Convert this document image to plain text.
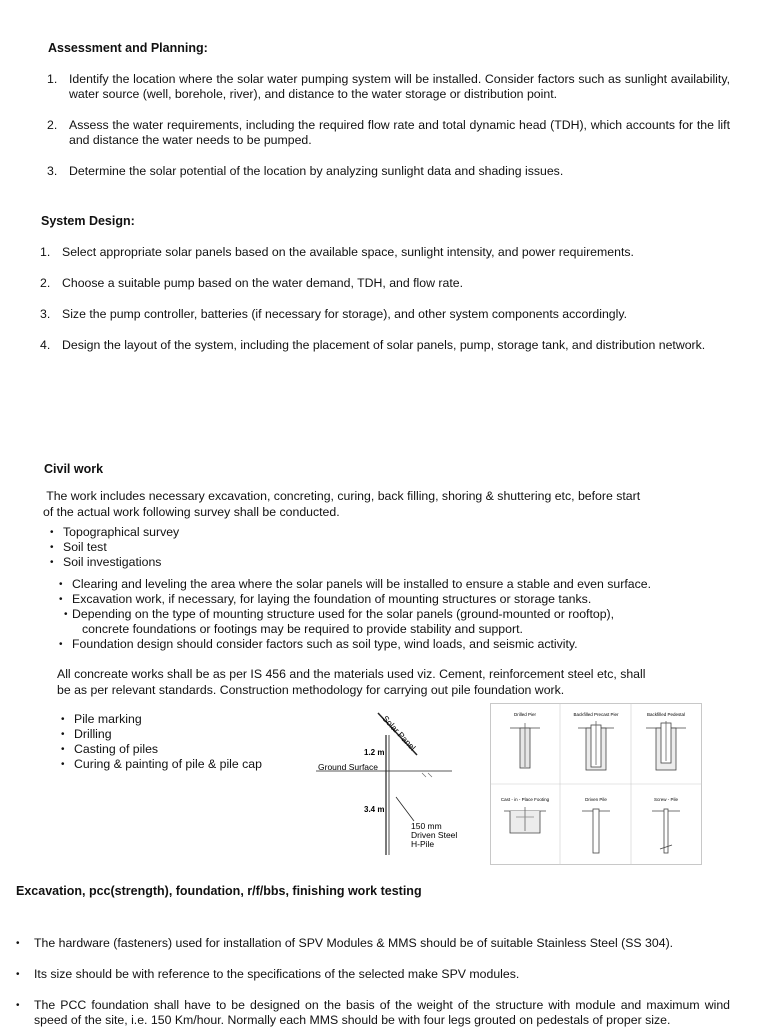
Assessment and Planning:
1. Identify the location where the solar water pumping system will be installed. Consider factors such as sunlight availability, water source (well, borehole, river), and distance to the water storage or distribution point.
2. Assess the water requirements, including the required flow rate and total dynamic head (TDH), which accounts for the lift and distance the water needs to be pumped.
3. Determine the solar potential of the location by analyzing sunlight data and shading issues.
System Design:
1. Select appropriate solar panels based on the available space, sunlight intensity, and power requirements.
2. Choose a suitable pump based on the water demand, TDH, and flow rate.
3. Size the pump controller, batteries (if necessary for storage), and other system components accordingly.
4. Design the layout of the system, including the placement of solar panels, pump, storage tank, and distribution network.
Civil work
The work includes necessary excavation, concreting, curing, back filling, shoring & shuttering etc, before start
of the actual work following survey shall be conducted.
• Topographical survey
• Soil test
• Soil investigations
• Clearing and leveling the area where the solar panels will be installed to ensure a stable and even surface.
• Excavation work, if necessary, for laying the foundation of mounting structures or storage tanks.
• Depending on the type of mounting structure used for the solar panels (ground-mounted or rooftop), concrete foundations or footings may be required to provide stability and support.
• Foundation design should consider factors such as soil type, wind loads, and seismic activity.
All concreate works shall be as per IS 456 and the materials used viz. Cement, reinforcement steel etc, shall
be as per relevant standards. Construction methodology for carrying out pile foundation work.
• Pile marking
• Drilling
• Casting of piles
• Curing & painting of pile & pile cap
Solar Panel
Ground Surface
1.2 m
3.4 m
150 mm
Driven Steel
H-Pile
Drilled Pier	Backfilled Precast Pier	Backfilled Pedestal
Cast - in - Place Footing	Driven Pile	Screw - Pile
Excavation, pcc(strength), foundation, r/f/bbs, finishing work testing
• The hardware (fasteners) used for installation of SPV Modules & MMS should be of suitable Stainless Steel (SS 304).
• Its size should be with reference to the specifications of the selected make SPV modules.
• The PCC foundation shall have to be designed on the basis of the weight of the structure with module and maximum wind speed of the site, i.e. 150 Km/hour. Normally each MMS should be with four legs grouted on pedestals of proper size.
